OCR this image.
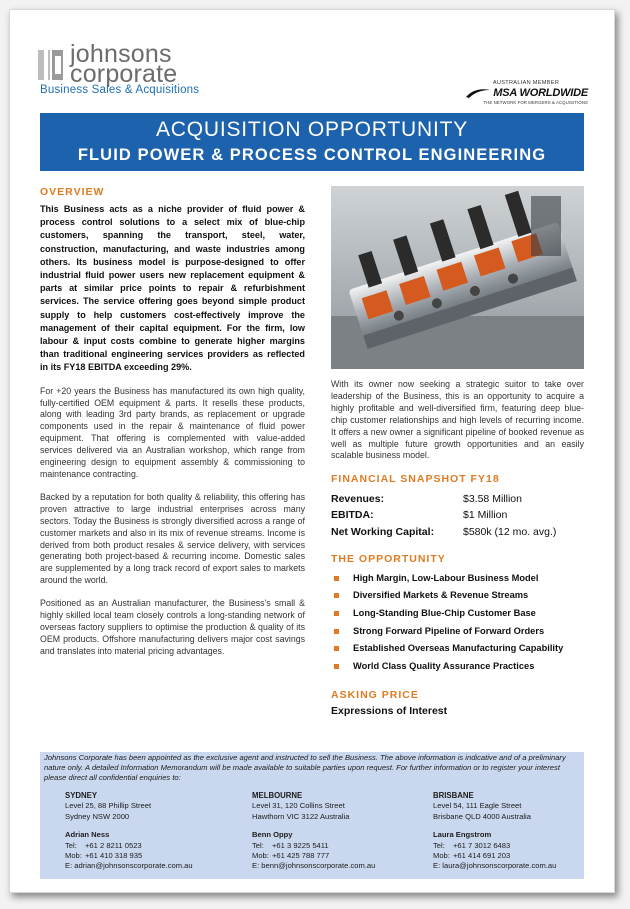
johnsons
corporate
Business Sales & Acquisitions
AUSTRALIAN MEMBER
MSA WORLDWIDE
THE NETWORK FOR MERGERS & ACQUISITIONS
ACQUISITION OPPORTUNITY
FLUID POWER & PROCESS CONTROL ENGINEERING
OVERVIEW

This Business acts as a niche provider of fluid power & process control solutions to a select mix of blue-chip customers, spanning the transport, steel, water, construction, manufacturing, and waste industries among others. Its business model is purpose-designed to offer industrial fluid power users new replacement equipment & parts at similar price points to repair & refurbishment services. The service offering goes beyond simple product supply to help customers cost-effectively improve the management of their capital equipment. For the firm, low labour & input costs combine to generate higher margins than traditional engineering services providers as reflected in its FY18 EBITDA exceeding 29%.

For +20 years the Business has manufactured its own high quality, fully-certified OEM equipment & parts. It resells these products, along with leading 3rd party brands, as replacement or upgrade components used in the repair & maintenance of fluid power equipment. That offering is complemented with value-added services delivered via an Australian workshop, which range from engineering design to equipment assembly & commissioning to maintenance contracting.

Backed by a reputation for both quality & reliability, this offering has proven attractive to large industrial enterprises across many sectors. Today the Business is strongly diversified across a range of customer markets and also in its mix of revenue streams. Income is derived from both product resales & service delivery, with services generating both project-based & recurring income. Domestic sales are supplemented by a long track record of export sales to markets around the world.

Positioned as an Australian manufacturer, the Business's small & highly skilled local team closely controls a long-standing network of overseas factory suppliers to optimise the production & quality of its OEM products. Offshore manufacturing delivers major cost savings and translates into material pricing advantages.

With its owner now seeking a strategic suitor to take over leadership of the Business, this is an opportunity to acquire a highly profitable and well-diversified firm, featuring deep blue-chip customer relationships and high levels of recurring income. It offers a new owner a significant pipeline of booked revenue as well as multiple future growth opportunities and an easily scalable business model.

FINANCIAL SNAPSHOT FY18
Revenues:	$3.58 Million
EBITDA:	$1 Million
Net Working Capital:	$580k (12 mo. avg.)
THE OPPORTUNITY
High Margin, Low-Labour Business Model
Diversified Markets & Revenue Streams
Long-Standing Blue-Chip Customer Base
Strong Forward Pipeline of Forward Orders
Established Overseas Manufacturing Capability
World Class Quality Assurance Practices
ASKING PRICE
Expressions of Interest
Johnsons Corporate has been appointed as the exclusive agent and instructed to sell the Business. The above information is indicative and of a preliminary nature only. A detailed Information Memorandum will be made available to suitable parties upon request. For further information or to register your interest please direct all confidential enquiries to:
SYDNEY
Level 25, 88 Phillip Street
Sydney NSW 2000
Adrian Ness
Tel:	+61 2 8211 0523
Mob: +61 410 318 935
E: adrian@johnsonscorporate.com.au
MELBOURNE
Level 31, 120 Collins Street
Hawthorn VIC 3122 Australia
Benn Oppy
Tel:	+61 3 9225 5411
Mob: +61 425 788 777
E: benn@johnsonscorporate.com.au
BRISBANE
Level 54, 111 Eagle Street
Brisbane QLD 4000 Australia
Laura Engstrom
Tel:	+61 7 3012 6483
Mob: +61 414 691 203
E: laura@johnsonscorporate.com.au
